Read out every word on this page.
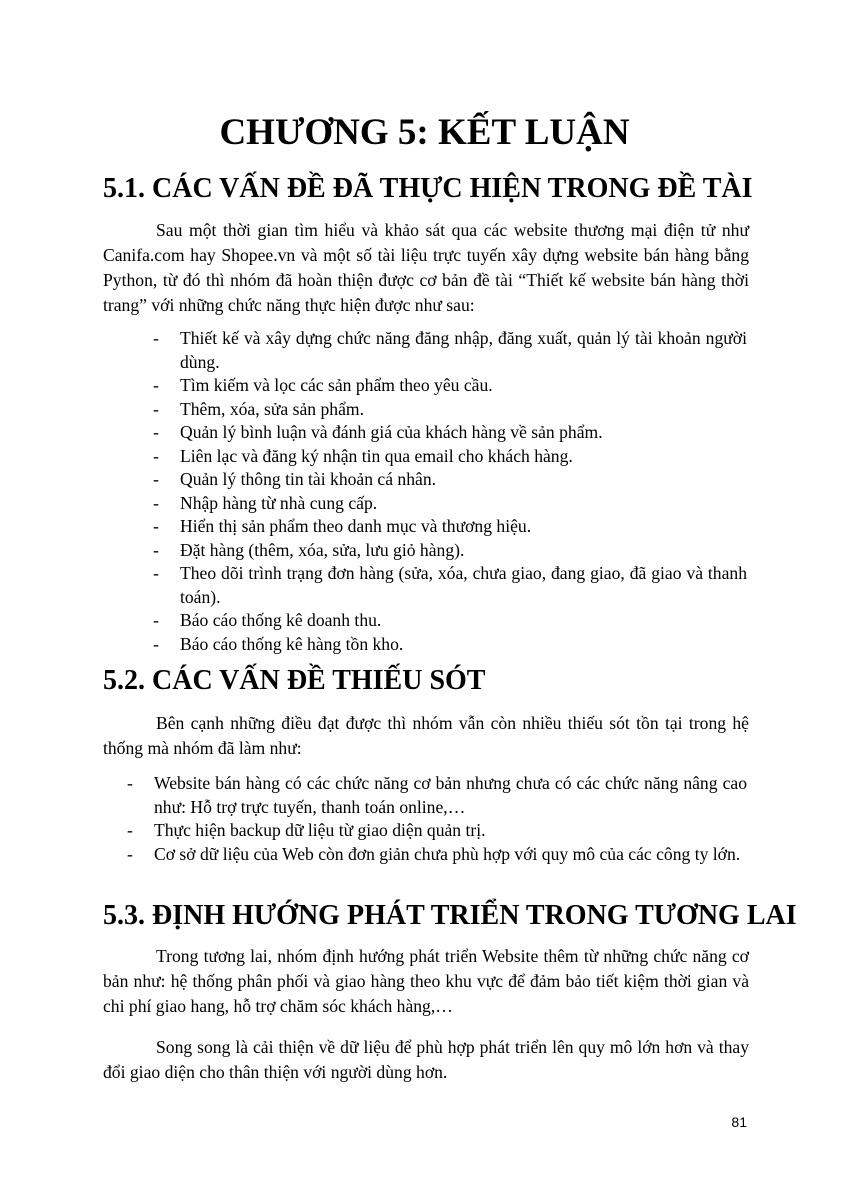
CHƯƠNG 5: KẾT LUẬN
5.1. CÁC VẤN ĐỀ ĐÃ THỰC HIỆN TRONG ĐỀ TÀI

Sau một thời gian tìm hiểu và khảo sát qua các website thương mại điện tử như Canifa.com hay Shopee.vn và một số tài liệu trực tuyến xây dựng website bán hàng bằng Python, từ đó thì nhóm đã hoàn thiện được cơ bản đề tài “Thiết kế website bán hàng thời trang” với những chức năng thực hiện được như sau:

- Thiết kế và xây dựng chức năng đăng nhập, đăng xuất, quản lý tài khoản người dùng.
- Tìm kiếm và lọc các sản phẩm theo yêu cầu.
- Thêm, xóa, sửa sản phẩm.
- Quản lý bình luận và đánh giá của khách hàng về sản phẩm.
- Liên lạc và đăng ký nhận tin qua email cho khách hàng.
- Quản lý thông tin tài khoản cá nhân.
- Nhập hàng từ nhà cung cấp.
- Hiển thị sản phẩm theo danh mục và thương hiệu.
- Đặt hàng (thêm, xóa, sửa, lưu giỏ hàng).
- Theo dõi trình trạng đơn hàng (sửa, xóa, chưa giao, đang giao, đã giao và thanh toán).
- Báo cáo thống kê doanh thu.
- Báo cáo thống kê hàng tồn kho.
5.2. CÁC VẤN ĐỀ THIẾU SÓT

Bên cạnh những điều đạt được thì nhóm vẫn còn nhiều thiếu sót tồn tại trong hệ thống mà nhóm đã làm như:

- Website bán hàng có các chức năng cơ bản nhưng chưa có các chức năng nâng cao như: Hỗ trợ trực tuyến, thanh toán online,…
- Thực hiện backup dữ liệu từ giao diện quản trị.
- Cơ sở dữ liệu của Web còn đơn giản chưa phù hợp với quy mô của các công ty lớn.
5.3. ĐỊNH HƯỚNG PHÁT TRIỂN TRONG TƯƠNG LAI

Trong tương lai, nhóm định hướng phát triển Website thêm từ những chức năng cơ bản như: hệ thống phân phối và giao hàng theo khu vực để đảm bảo tiết kiệm thời gian và chi phí giao hang, hỗ trợ chăm sóc khách hàng,…

Song song là cải thiện về dữ liệu để phù hợp phát triển lên quy mô lớn hơn và thay đổi giao diện cho thân thiện với người dùng hơn.

81
